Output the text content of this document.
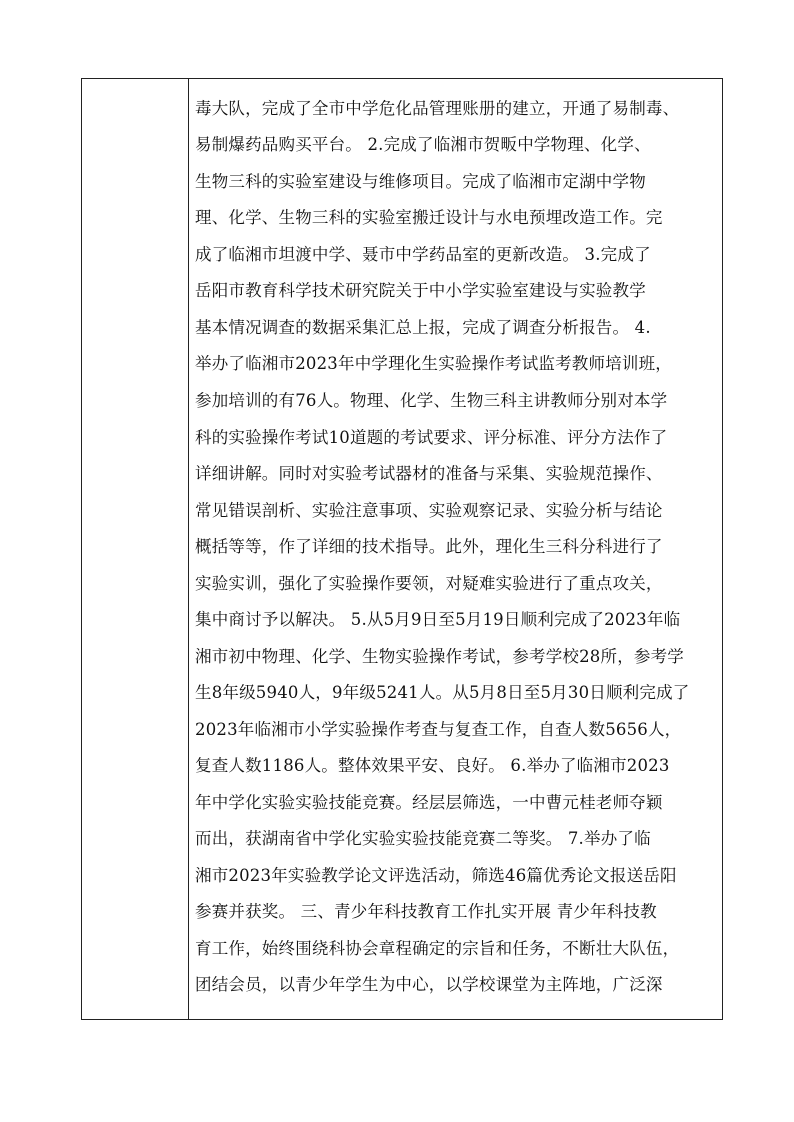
毒大队，完成了全市中学危化品管理账册的建立，开通了易制毒、
易制爆药品购买平台。 2.完成了临湘市贺畈中学物理、化学、
生物三科的实验室建设与维修项目。完成了临湘市定湖中学物
理、化学、生物三科的实验室搬迁设计与水电预埋改造工作。完
成了临湘市坦渡中学、聂市中学药品室的更新改造。 3.完成了
岳阳市教育科学技术研究院关于中小学实验室建设与实验教学
基本情况调查的数据采集汇总上报，完成了调查分析报告。 4.
举办了临湘市2023年中学理化生实验操作考试监考教师培训班，
参加培训的有76人。物理、化学、生物三科主讲教师分别对本学
科的实验操作考试10道题的考试要求、评分标准、评分方法作了
详细讲解。同时对实验考试器材的准备与采集、实验规范操作、
常见错误剖析、实验注意事项、实验观察记录、实验分析与结论
概括等等，作了详细的技术指导。此外，理化生三科分科进行了
实验实训，强化了实验操作要领，对疑难实验进行了重点攻关，
集中商讨予以解决。 5.从5月9日至5月19日顺利完成了2023年临
湘市初中物理、化学、生物实验操作考试，参考学校28所，参考学
生8年级5940人，9年级5241人。从5月8日至5月30日顺利完成了
2023年临湘市小学实验操作考查与复查工作，自查人数5656人，
复查人数1186人。整体效果平安、良好。 6.举办了临湘市2023
年中学化实验实验技能竞赛。经层层筛选，一中曹元桂老师夺颖
而出，获湖南省中学化实验实验技能竞赛二等奖。 7.举办了临
湘市2023年实验教学论文评选活动，筛选46篇优秀论文报送岳阳
参赛并获奖。 三、青少年科技教育工作扎实开展 青少年科技教
育工作，始终围绕科协会章程确定的宗旨和任务，不断壮大队伍，
团结会员，以青少年学生为中心，以学校课堂为主阵地，广泛深
